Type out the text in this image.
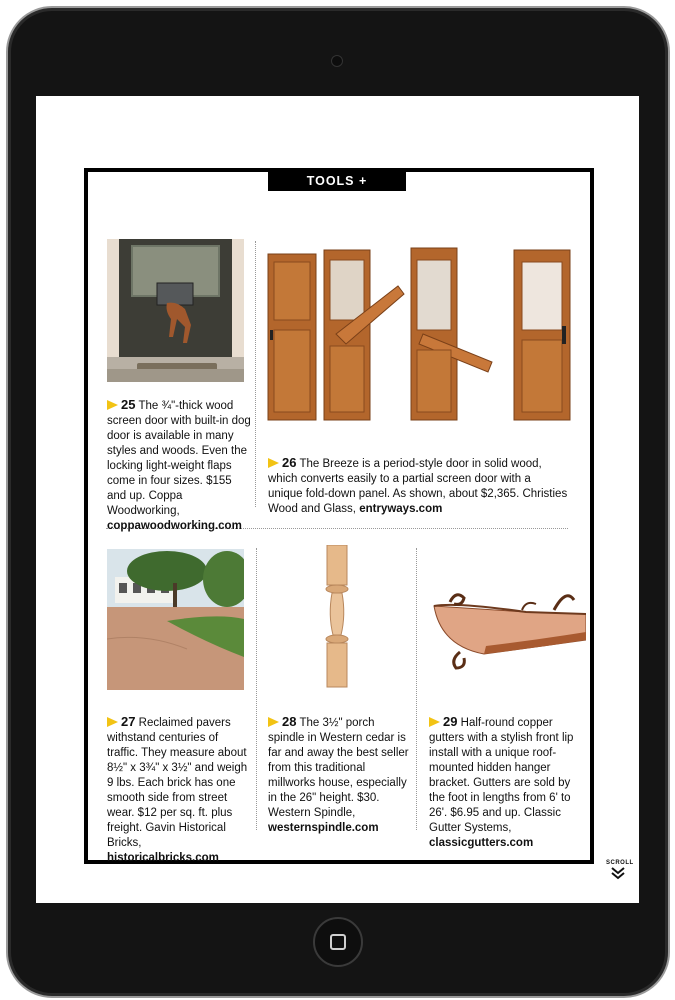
TOOLS + MATERIALS
25 The ¾"-thick wood screen door with built-in dog door is available in many styles and woods. Even the locking light-weight flaps come in four sizes. $155 and up. Coppa Woodworking, coppawoodworking.com
26 The Breeze is a period-style door in solid wood, which converts easily to a partial screen door with a unique fold-down panel. As shown, about $2,365. Christies Wood and Glass, entryways.com
27 Reclaimed pavers withstand centuries of traffic. They measure about 8½" x 3¾" x 3½" and weigh 9 lbs. Each brick has one smooth side from street wear. $12 per sq. ft. plus freight. Gavin Historical Bricks, historicalbricks.com
28 The 3½" porch spindle in Western cedar is far and away the best seller from this traditional millworks house, especially in the 26" height. $30. Western Spindle, westernspindle.com
29 Half-round copper gutters with a stylish front lip install with a unique roof-mounted hidden hanger bracket. Gutters are sold by the foot in lengths from 6' to 26'. $6.95 and up. Classic Gutter Systems, classicgutters.com
SCROLL
